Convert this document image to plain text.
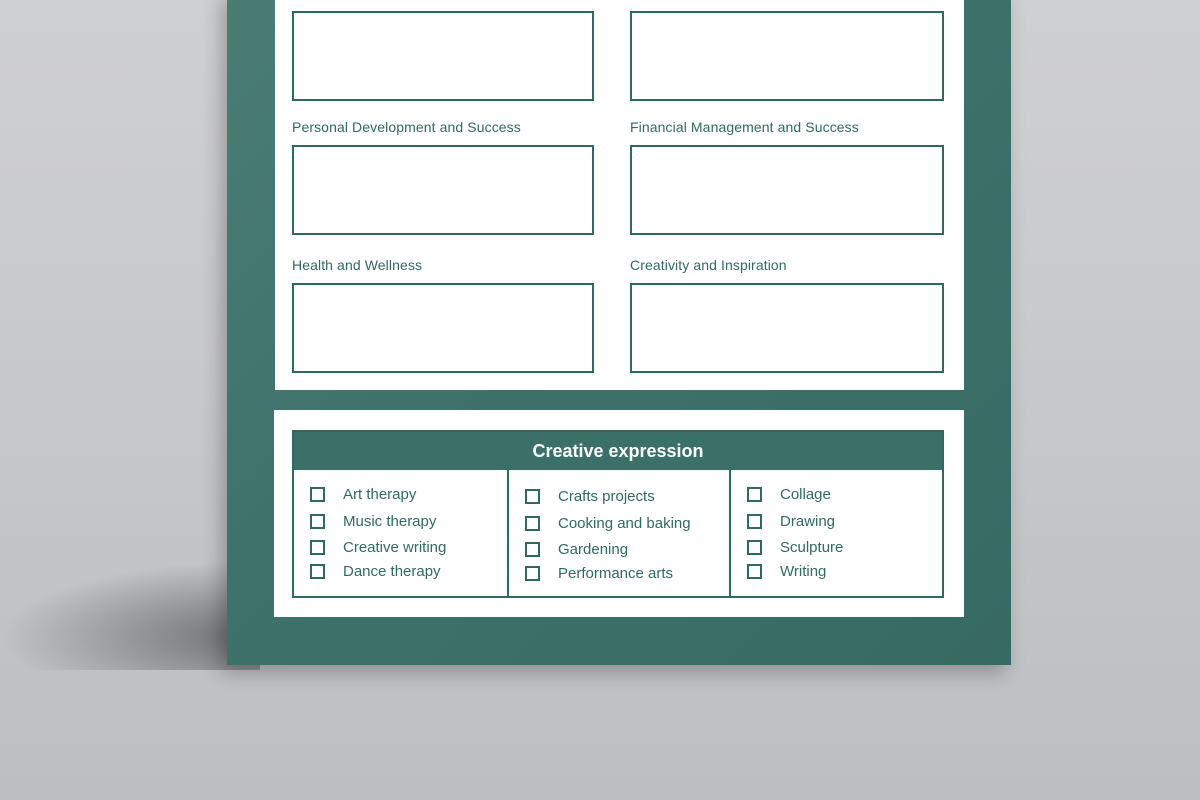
Personal Development and Success	Financial Management and Success
Health and Wellness	Creativity and Inspiration
Creative expression
Art therapy
Music therapy
Creative writing
Dance therapy
Crafts projects
Cooking and baking
Gardening
Performance arts
Collage
Drawing
Sculpture
Writing
